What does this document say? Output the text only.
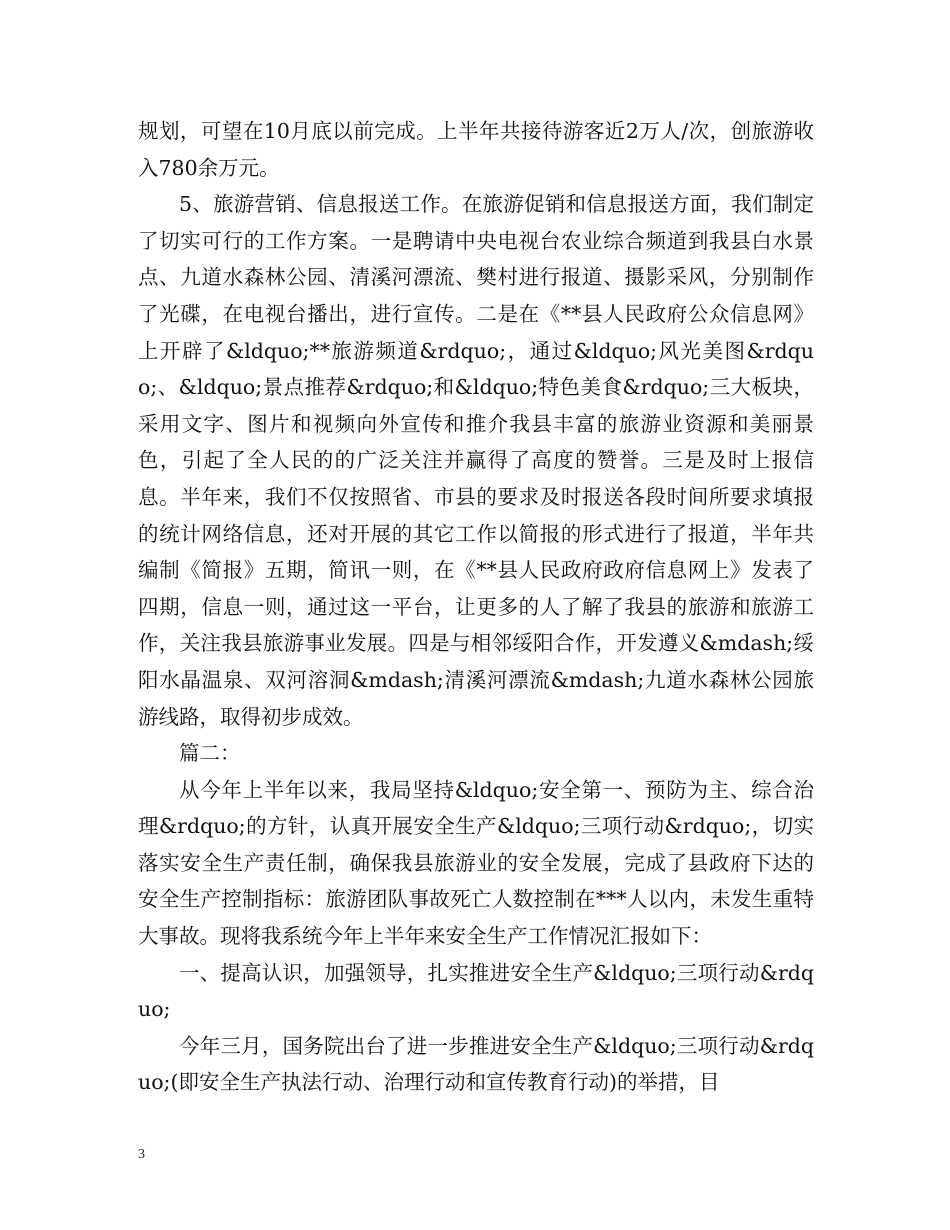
规划，可望在10月底以前完成。上半年共接待游客近2万人/次，创旅游收入780余万元。

5、旅游营销、信息报送工作。在旅游促销和信息报送方面，我们制定了切实可行的工作方案。一是聘请中央电视台农业综合频道到我县白水景点、九道水森林公园、清溪河漂流、樊村进行报道、摄影采风，分别制作了光碟，在电视台播出，进行宣传。二是在《**县人民政府公众信息网》上开辟了&ldquo;**旅游频道&rdquo;，通过&ldquo;风光美图&rdquo;、&ldquo;景点推荐&rdquo;和&ldquo;特色美食&rdquo;三大板块，采用文字、图片和视频向外宣传和推介我县丰富的旅游业资源和美丽景色，引起了全人民的的广泛关注并赢得了高度的赞誉。三是及时上报信息。半年来，我们不仅按照省、市县的要求及时报送各段时间所要求填报的统计网络信息，还对开展的其它工作以简报的形式进行了报道，半年共编制《简报》五期，简讯一则，在《**县人民政府政府信息网上》发表了四期，信息一则，通过这一平台，让更多的人了解了我县的旅游和旅游工作，关注我县旅游事业发展。四是与相邻绥阳合作，开发遵义&mdash;绥阳水晶温泉、双河溶洞&mdash;清溪河漂流&mdash;九道水森林公园旅游线路，取得初步成效。

篇二：

从今年上半年以来，我局坚持&ldquo;安全第一、预防为主、综合治理&rdquo;的方针，认真开展安全生产&ldquo;三项行动&rdquo;，切实落实安全生产责任制，确保我县旅游业的安全发展，完成了县政府下达的安全生产控制指标：旅游团队事故死亡人数控制在***人以内，未发生重特大事故。现将我系统今年上半年来安全生产工作情况汇报如下：

一、提高认识，加强领导，扎实推进安全生产&ldquo;三项行动&rdquo;

今年三月，国务院出台了进一步推进安全生产&ldquo;三项行动&rdquo;(即安全生产执法行动、治理行动和宣传教育行动)的举措，目

3
